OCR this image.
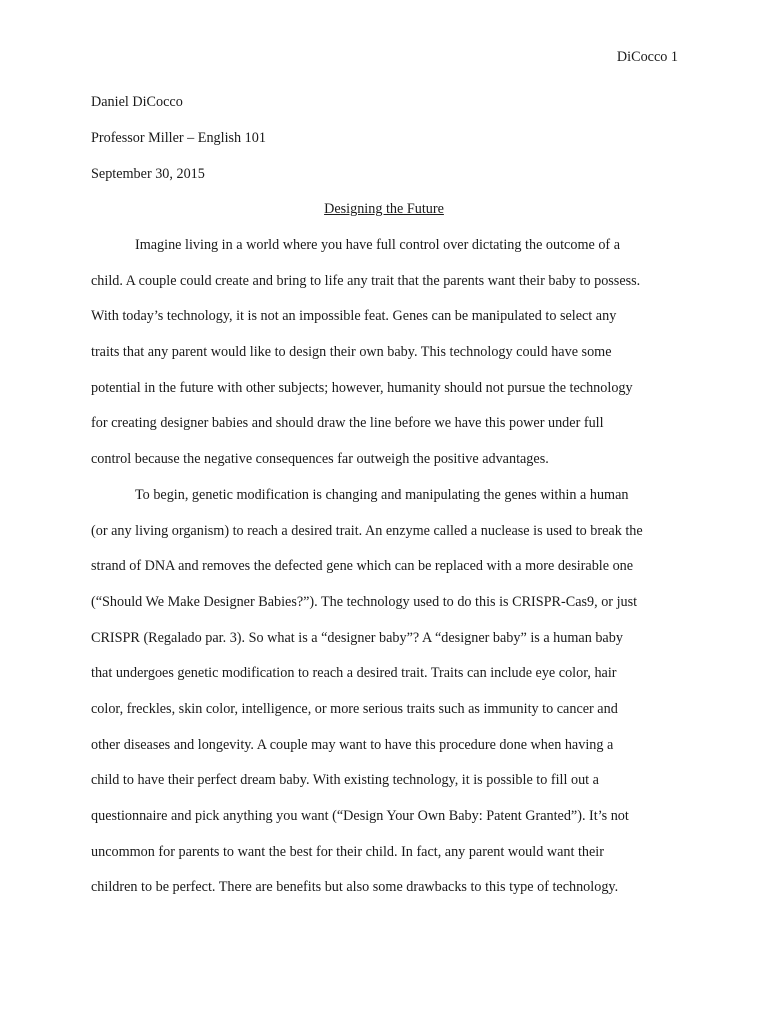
DiCocco 1
Daniel DiCocco
Professor Miller – English 101
September 30, 2015
Designing the Future
Imagine living in a world where you have full control over dictating the outcome of a
child. A couple could create and bring to life any trait that the parents want their baby to possess.
With today’s technology, it is not an impossible feat. Genes can be manipulated to select any
traits that any parent would like to design their own baby. This technology could have some
potential in the future with other subjects; however, humanity should not pursue the technology
for creating designer babies and should draw the line before we have this power under full
control because the negative consequences far outweigh the positive advantages.
To begin, genetic modification is changing and manipulating the genes within a human
(or any living organism) to reach a desired trait. An enzyme called a nuclease is used to break the
strand of DNA and removes the defected gene which can be replaced with a more desirable one
(“Should We Make Designer Babies?”). The technology used to do this is CRISPR-Cas9, or just
CRISPR (Regalado par. 3). So what is a “designer baby”? A “designer baby” is a human baby
that undergoes genetic modification to reach a desired trait. Traits can include eye color, hair
color, freckles, skin color, intelligence, or more serious traits such as immunity to cancer and
other diseases and longevity. A couple may want to have this procedure done when having a
child to have their perfect dream baby. With existing technology, it is possible to fill out a
questionnaire and pick anything you want (“Design Your Own Baby: Patent Granted”). It’s not
uncommon for parents to want the best for their child. In fact, any parent would want their
children to be perfect. There are benefits but also some drawbacks to this type of technology.
